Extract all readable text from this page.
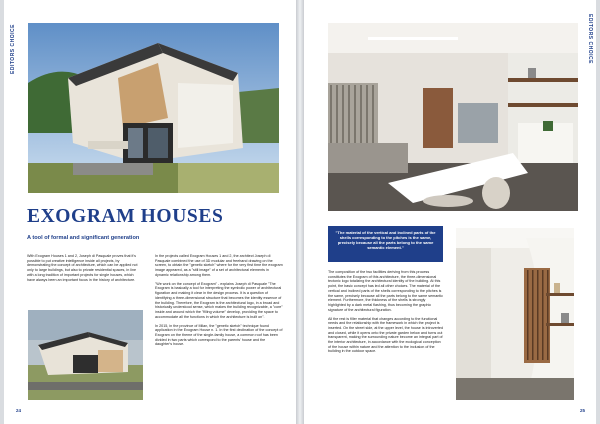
EDITORS CHOICE
EXOGRAM HOUSES
A tool of formal and significant generation

With Exogram Houses 1 and 2, Joseph di Pasquale proves that it's possible to put creative intelligence inside all projects, by demonstrating the concept of architecture, which can be applied not only to large buildings, but also to private residential spaces, in line with a long tradition of important projects for single houses, which have always been an important focus in the history of architecture.

In the projects called Exogram Houses 1 and 2, the architect Joseph di Pasquale combined the use of 3D modular and freehand drawing on the screen, to obtain the "genetic sketch" where for the very first time the exogram image appeared, as a "still image" of a set of architectural elements in dynamic relationship among them.

"We work on the concept of Exogram" - explains Joseph di Pasquale "The Exogram is basically a tool for interpreting the symbolic power of architectural figuration and making it clear in the design process. It is a question of identifying a three-dimensional structure that becomes the identity essence of the building. Therefore, the Exogram is the architectural logo, in a broad and historically understood sense, which makes the building recognizable, a "core" inside and around which the "filling volume" develop, providing the space to accommodate all the functions in which the architecture is built on".

In 2015, in the province of Milan, the "genetic sketch" technique found application in the Exogram House n. 1. In the first declination of the concept of Exogram on the theme of the single-family house, a common roof has been divided in two parts which correspond to the parents' house and the daughter's house.

24
EDITORS CHOICE
"The material of the vertical and inclined parts of the shells corresponding to the pitches is the same, precisely because all the parts belong to the same semantic element."

The composition of the two facilities deriving from this process constitutes the Exogram of this architecture, the three-dimensional tectonic logo totalizing the architectural identity of the building. At this point, the basic concept has led all other choices. The material of the vertical and inclined parts of the shells corresponding to the pitches is the same, precisely because all the parts belong to the same semantic element. Furthermore, the thickness of the shells is strongly highlighted by a dark metal flashing, thus becoming the graphic signature of the architectural figuration.

All the rest is filler material that changes according to the functional needs and the relationship with the framework in which the project is inserted. On the street side, at the upper level, the house is introverted and closed, while it opens onto the private garden below and turns out transparent, making the surrounding nature become an integral part of the interior architecture, in accordance with the ecological conception of the house within nature and the attention to the inclusion of the building in the outdoor space.

25
